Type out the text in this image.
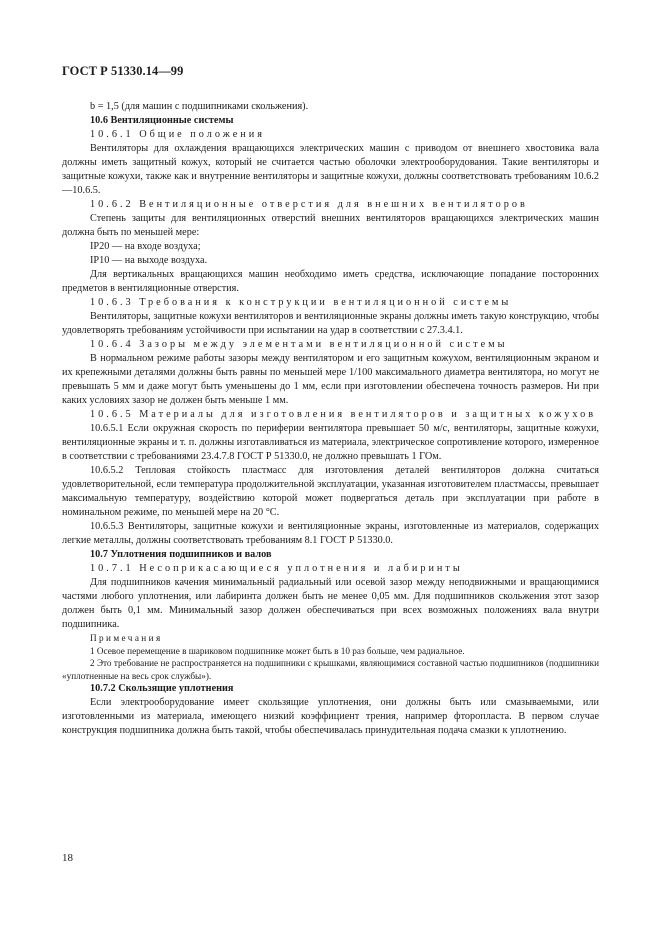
ГОСТ Р 51330.14—99

b = 1,5 (для машин с подшипниками скольжения).

10.6 Вентиляционные системы

10.6.1 Общие положения

Вентиляторы для охлаждения вращающихся электрических машин с приводом от внешнего хвостовика вала должны иметь защитный кожух, который не считается частью оболочки электрооборудования. Такие вентиляторы и защитные кожухи, также как и внутренние вентиляторы и защитные кожухи, должны соответствовать требованиям 10.6.2—10.6.5.

10.6.2 Вентиляционные отверстия для внешних вентиляторов

Степень защиты для вентиляционных отверстий внешних вентиляторов вращающихся электрических машин должна быть по меньшей мере:

IP20 — на входе воздуха;

IP10 — на выходе воздуха.

Для вертикальных вращающихся машин необходимо иметь средства, исключающие попадание посторонних предметов в вентиляционные отверстия.

10.6.3 Требования к конструкции вентиляционной системы

Вентиляторы, защитные кожухи вентиляторов и вентиляционные экраны должны иметь такую конструкцию, чтобы удовлетворять требованиям устойчивости при испытании на удар в соответствии с 27.3.4.1.

10.6.4 Зазоры между элементами вентиляционной системы

В нормальном режиме работы зазоры между вентилятором и его защитным кожухом, вентиляционным экраном и их крепежными деталями должны быть равны по меньшей мере 1/100 максимального диаметра вентилятора, но могут не превышать 5 мм и даже могут быть уменьшены до 1 мм, если при изготовлении обеспечена точность размеров. Ни при каких условиях зазор не должен быть меньше 1 мм.

10.6.5 Материалы для изготовления вентиляторов и защитных кожухов

10.6.5.1 Если окружная скорость по периферии вентилятора превышает 50 м/с, вентиляторы, защитные кожухи, вентиляционные экраны и т. п. должны изготавливаться из материала, электрическое сопротивление которого, измеренное в соответствии с требованиями 23.4.7.8 ГОСТ Р 51330.0, не должно превышать 1 ГОм.

10.6.5.2 Тепловая стойкость пластмасс для изготовления деталей вентиляторов должна считаться удовлетворительной, если температура продолжительной эксплуатации, указанная изготовителем пластмассы, превышает максимальную температуру, воздействию которой может подвергаться деталь при эксплуатации при работе в номинальном режиме, по меньшей мере на 20 °С.

10.6.5.3 Вентиляторы, защитные кожухи и вентиляционные экраны, изготовленные из материалов, содержащих легкие металлы, должны соответствовать требованиям 8.1 ГОСТ Р 51330.0.

10.7 Уплотнения подшипников и валов

10.7.1 Несоприкасающиеся уплотнения и лабиринты

Для подшипников качения минимальный радиальный или осевой зазор между неподвижными и вращающимися частями любого уплотнения, или лабиринта должен быть не менее 0,05 мм. Для подшипников скольжения этот зазор должен быть 0,1 мм. Минимальный зазор должен обеспечиваться при всех возможных положениях вала внутри подшипника.

Примечания

1 Осевое перемещение в шариковом подшипнике может быть в 10 раз больше, чем радиальное.

2 Это требование не распространяется на подшипники с крышками, являющимися составной частью подшипников (подшипники «уплотненные на весь срок службы»).

10.7.2 Скользящие уплотнения

Если электрооборудование имеет скользящие уплотнения, они должны быть или смазываемыми, или изготовленными из материала, имеющего низкий коэффициент трения, например фторопласта. В первом случае конструкция подшипника должна быть такой, чтобы обеспечивалась принудительная подача смазки к уплотнению.

18
